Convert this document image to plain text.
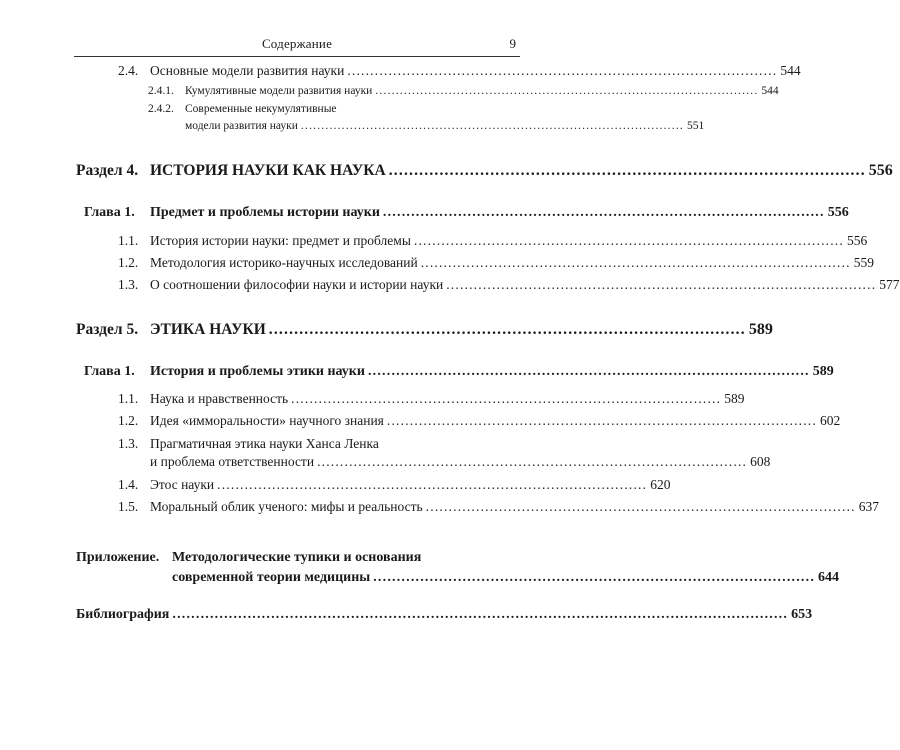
Содержание	9
2.4. Основные модели развития науки .............................................................................................. 544
2.4.1. Кумулятивные модели развития науки .............................................................................................. 544
2.4.2. Современные некумулятивные
модели развития науки .............................................................................................. 551
Раздел 4. ИСТОРИЯ НАУКИ КАК НАУКА .............................................................................................. 556
Глава 1. Предмет и проблемы истории науки .............................................................................................. 556
1.1. История истории науки: предмет и проблемы .............................................................................................. 556
1.2. Методология историко-научных исследований .............................................................................................. 559
1.3. О соотношении философии науки и истории науки .............................................................................................. 577
Раздел 5. ЭТИКА НАУКИ .............................................................................................. 589
Глава 1. История и проблемы этики науки .............................................................................................. 589
1.1. Наука и нравственность .............................................................................................. 589
1.2. Идея «имморальности» научного знания .............................................................................................. 602
1.3. Прагматичная этика науки Ханса Ленка
и проблема ответственности .............................................................................................. 608
1.4. Этос науки .............................................................................................. 620
1.5. Моральный облик ученого: мифы и реальность .............................................................................................. 637
Приложение. Методологические тупики и основания
современной теории медицины .............................................................................................. 644
Библиография ................................................................................................................................... 653
